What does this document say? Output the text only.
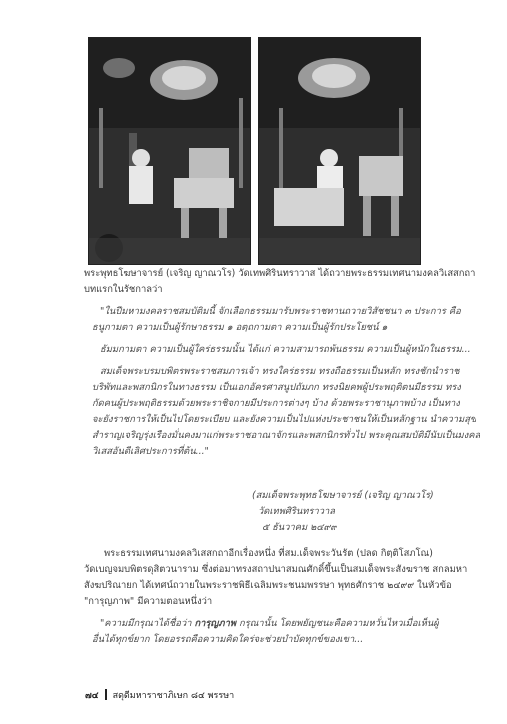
พระพุทธโฆษาจารย์ (เจริญ ญาณวโร) วัดเทพศิรินทราวาส ได้ถวายพระธรรมเทศนามงคลวิเสสกถา
บทแรกในรัชกาลว่า
"ในปีมหามงคลราชสมบัติมนี้ จักเลือกธรรมมารับพระราชทานถวายวิสัชชนา ๓ ประการ คือ
ธนูกามตา ความเป็นผู้รักษาธรรม ๑ อตฺถกามตา ความเป็นผู้รักประโยชน์ ๑
ธัมมกามตา ความเป็นผู้ใคร่ธรรมนั้น ได้แก่ ความสามารถพ้นธรรม ความเป็นผู้หนักในธรรม...
สมเด็จพระบรมบพิตรพระราชสมภารเจ้า ทรงใคร่ธรรม ทรงถือธรรมเป็นหลัก ทรงชักนำราช
บริพัทและพสกนิกรในทางธรรม เป็นเอกอัครศาสนูปถัมภก ทรงนิยคพผู้ประพฤติตนมีธรรม ทรง
กัดคนผู้ประพฤติธรรมด้วยพระราชิจกายมีประการต่างๆ บ้าง ด้วยพระราชานุภาพบ้าง เป็นทาง
จะยังราชการให้เป็นไปโดยระเบียบ และยังความเป็นไปแห่งประชาชนให้เป็นหลักฐาน นำความสุข
สำราญเจริญรุ่งเรืองมั่นคงมาแก่พระราชอาณาจักรและพสกนิกรทั่วไป พระคุณสมบัติมีนับเป็นมงคล
วิเสสอันดีเลิศประการที่ต้น..."
(สมเด็จพระพุทธโฆษาจารย์ (เจริญ ญาณวโร)
วัดเทพศิรินทราวาส
๕ ธันวาคม ๒๔๙๙
พระธรรมเทศนามงคลวิเสสกถาอีกเรื่องหนึ่ง ที่สม.เด็จพระวันรัต (ปลด กิตฺติโสภโณ)
วัดเบญจมบพิตรดุสิตวนาราม ซึ่งต่อมาทรงสถาปนาสมณศักดิ์ขึ้นเป็นสมเด็จพระสังฆราช สกลมหา
สังฆปริณายก ได้เทศน์ถวายในพระราชพิธีเฉลิมพระชนมพรรษา พุทธศักราช ๒๔๙๙ ในหัวข้อ
"การุญภาพ" มีความตอนหนึ่งว่า
"ความมีกรุณาได้ชื่อว่า การุญภาพ กรุณานั้น โดยพยัญชนะคือความหวั่นไหวเมื่อเห็นผู้
อื่นได้ทุกข์ยาก โดยอรรถคือความคิดใคร่จะช่วยบำบัดทุกข์ของเขา...
๗๔ สดุดีมหาราชาภิเษก ๘๔ พรรษา
